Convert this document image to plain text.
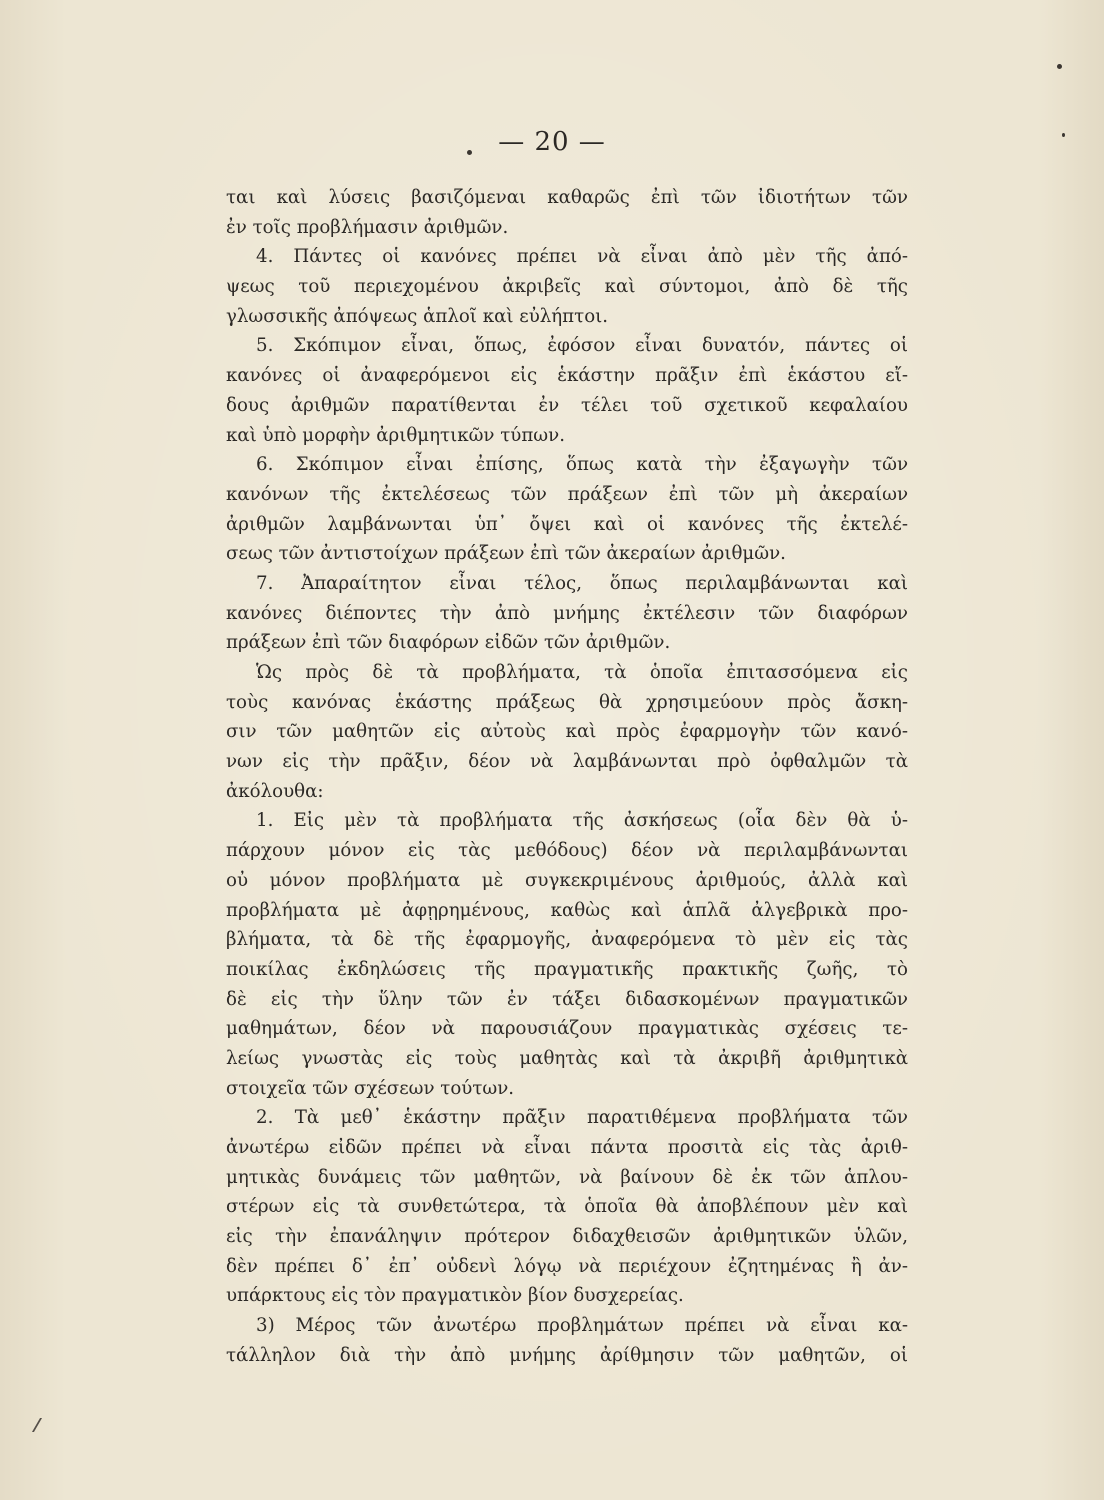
— 20 —
ται καὶ λύσεις βασιζόμεναι καθαρῶς ἐπὶ τῶν ἰδιοτήτων τῶν
ἐν τοῖς προβλήμασιν ἀριθμῶν.
4. Πάντες οἱ κανόνες πρέπει νὰ εἶναι ἀπὸ μὲν τῆς ἀπό-
ψεως τοῦ περιεχομένου ἀκριβεῖς καὶ σύντομοι, ἀπὸ δὲ τῆς
γλωσσικῆς ἀπόψεως ἁπλοῖ καὶ εὐλήπτοι.
5. Σκόπιμον εἶναι, ὅπως, ἐφόσον εἶναι δυνατόν, πάντες οἱ
κανόνες οἱ ἀναφερόμενοι εἰς ἑκάστην πρᾶξιν ἐπὶ ἑκάστου εἴ-
δους ἀριθμῶν παρατίθενται ἐν τέλει τοῦ σχετικοῦ κεφαλαίου
καὶ ὑπὸ μορφὴν ἀριθμητικῶν τύπων.
6. Σκόπιμον εἶναι ἐπίσης, ὅπως κατὰ τὴν ἐξαγωγὴν τῶν
κανόνων τῆς ἐκτελέσεως τῶν πράξεων ἐπὶ τῶν μὴ ἀκεραίων
ἀριθμῶν λαμβάνωνται ὑπ᾽ ὄψει καὶ οἱ κανόνες τῆς ἐκτελέ-
σεως τῶν ἀντιστοίχων πράξεων ἐπὶ τῶν ἀκεραίων ἀριθμῶν.
7. Ἀπαραίτητον εἶναι τέλος, ὅπως περιλαμβάνωνται καὶ
κανόνες διέποντες τὴν ἀπὸ μνήμης ἐκτέλεσιν τῶν διαφόρων
πράξεων ἐπὶ τῶν διαφόρων εἰδῶν τῶν ἀριθμῶν.
Ὡς πρὸς δὲ τὰ προβλήματα, τὰ ὁποῖα ἐπιτασσόμενα εἰς
τοὺς κανόνας ἑκάστης πράξεως θὰ χρησιμεύουν πρὸς ἄσκη-
σιν τῶν μαθητῶν εἰς αὐτοὺς καὶ πρὸς ἐφαρμογὴν τῶν κανό-
νων εἰς τὴν πρᾶξιν, δέον νὰ λαμβάνωνται πρὸ ὀφθαλμῶν τὰ
ἀκόλουθα:
1. Εἰς μὲν τὰ προβλήματα τῆς ἀσκήσεως (οἷα δὲν θὰ ὑ-
πάρχουν μόνον εἰς τὰς μεθόδους) δέον νὰ περιλαμβάνωνται
οὐ μόνον προβλήματα μὲ συγκεκριμένους ἀριθμούς, ἀλλὰ καὶ
προβλήματα μὲ ἀφῃρημένους, καθὼς καὶ ἁπλᾶ ἀλγεβρικὰ προ-
βλήματα, τὰ δὲ τῆς ἐφαρμογῆς, ἀναφερόμενα τὸ μὲν εἰς τὰς
ποικίλας ἐκδηλώσεις τῆς πραγματικῆς πρακτικῆς ζωῆς, τὸ
δὲ εἰς τὴν ὕλην τῶν ἐν τάξει διδασκομένων πραγματικῶν
μαθημάτων, δέον νὰ παρουσιάζουν πραγματικὰς σχέσεις τε-
λείως γνωστὰς εἰς τοὺς μαθητὰς καὶ τὰ ἀκριβῆ ἀριθμητικὰ
στοιχεῖα τῶν σχέσεων τούτων.
2. Τὰ μεθ᾽ ἑκάστην πρᾶξιν παρατιθέμενα προβλήματα τῶν
ἀνωτέρω εἰδῶν πρέπει νὰ εἶναι πάντα προσιτὰ εἰς τὰς ἀριθ-
μητικὰς δυνάμεις τῶν μαθητῶν, νὰ βαίνουν δὲ ἐκ τῶν ἁπλου-
στέρων εἰς τὰ συνθετώτερα, τὰ ὁποῖα θὰ ἀποβλέπουν μὲν καὶ
εἰς τὴν ἐπανάληψιν πρότερον διδαχθεισῶν ἀριθμητικῶν ὑλῶν,
δὲν πρέπει δ᾽ ἐπ᾽ οὐδενὶ λόγῳ νὰ περιέχουν ἐζητημένας ἢ ἀν-
υπάρκτους εἰς τὸν πραγματικὸν βίον δυσχερείας.
3) Μέρος τῶν ἀνωτέρω προβλημάτων πρέπει νὰ εἶναι κα-
τάλληλον διὰ τὴν ἀπὸ μνήμης ἀρίθμησιν τῶν μαθητῶν, οἱ
